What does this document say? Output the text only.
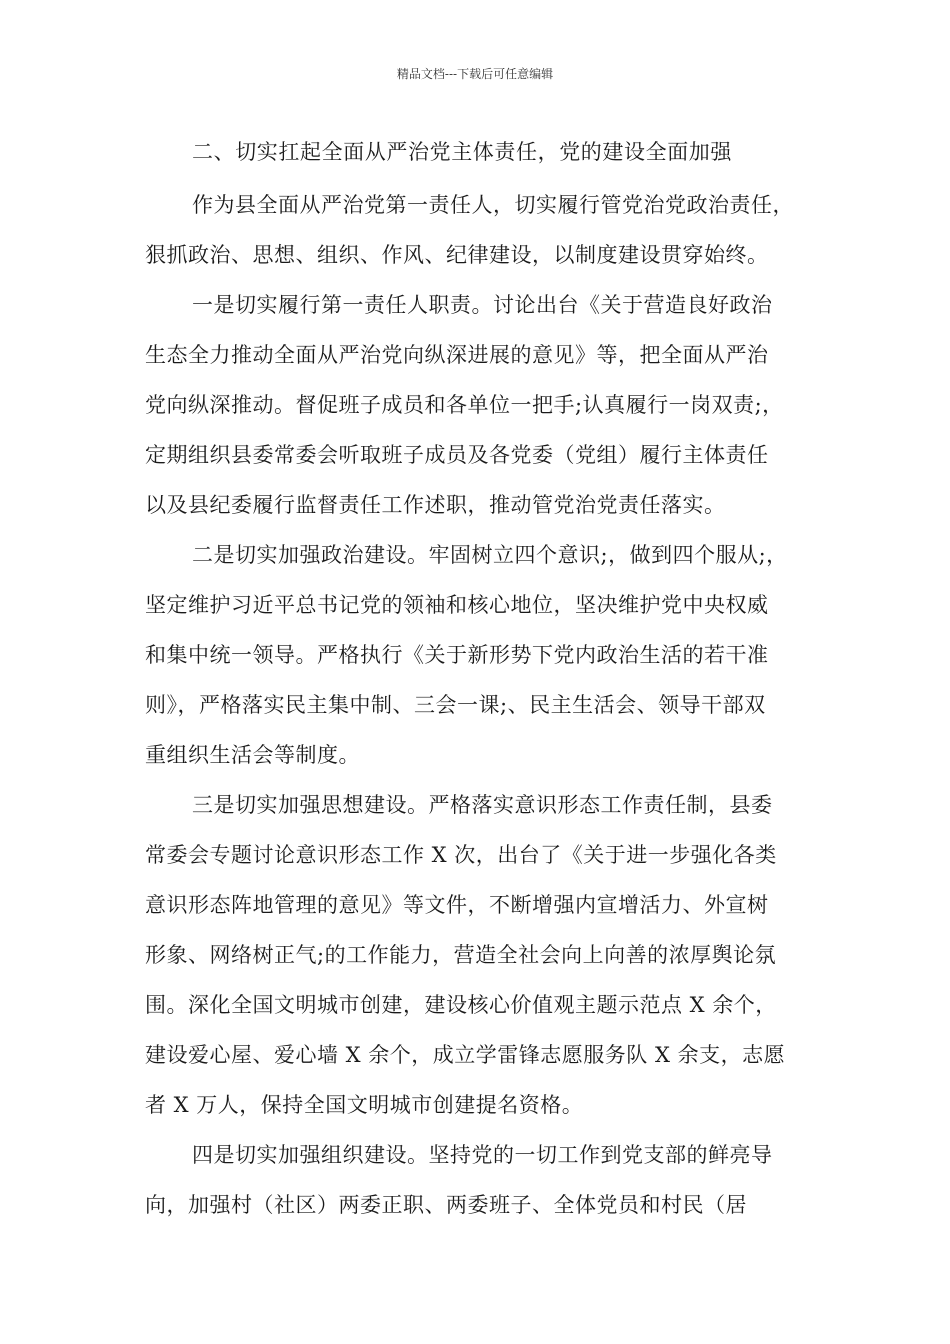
精品文档---下载后可任意编辑
二、切实扛起全面从严治党主体责任，党的建设全面加强

作为县全面从严治党第一责任人，切实履行管党治党政治责任，
狠抓政治、思想、组织、作风、纪律建设，以制度建设贯穿始终。

一是切实履行第一责任人职责。讨论出台《关于营造良好政治
生态全力推动全面从严治党向纵深进展的意见》等，把全面从严治
党向纵深推动。督促班子成员和各单位一把手;认真履行一岗双责;，
定期组织县委常委会听取班子成员及各党委（党组）履行主体责任
以及县纪委履行监督责任工作述职，推动管党治党责任落实。

二是切实加强政治建设。牢固树立四个意识;，做到四个服从;，
坚定维护习近平总书记党的领袖和核心地位，坚决维护党中央权威
和集中统一领导。严格执行《关于新形势下党内政治生活的若干准
则》，严格落实民主集中制、三会一课;、民主生活会、领导干部双
重组织生活会等制度。

三是切实加强思想建设。严格落实意识形态工作责任制，县委
常委会专题讨论意识形态工作 X 次，出台了《关于进一步强化各类
意识形态阵地管理的意见》等文件，不断增强内宣增活力、外宣树
形象、网络树正气;的工作能力，营造全社会向上向善的浓厚舆论氛
围。深化全国文明城市创建，建设核心价值观主题示范点 X 余个，
建设爱心屋、爱心墙 X 余个，成立学雷锋志愿服务队 X 余支，志愿
者 X 万人，保持全国文明城市创建提名资格。

四是切实加强组织建设。坚持党的一切工作到党支部的鲜亮导
向，加强村（社区）两委正职、两委班子、全体党员和村民（居
